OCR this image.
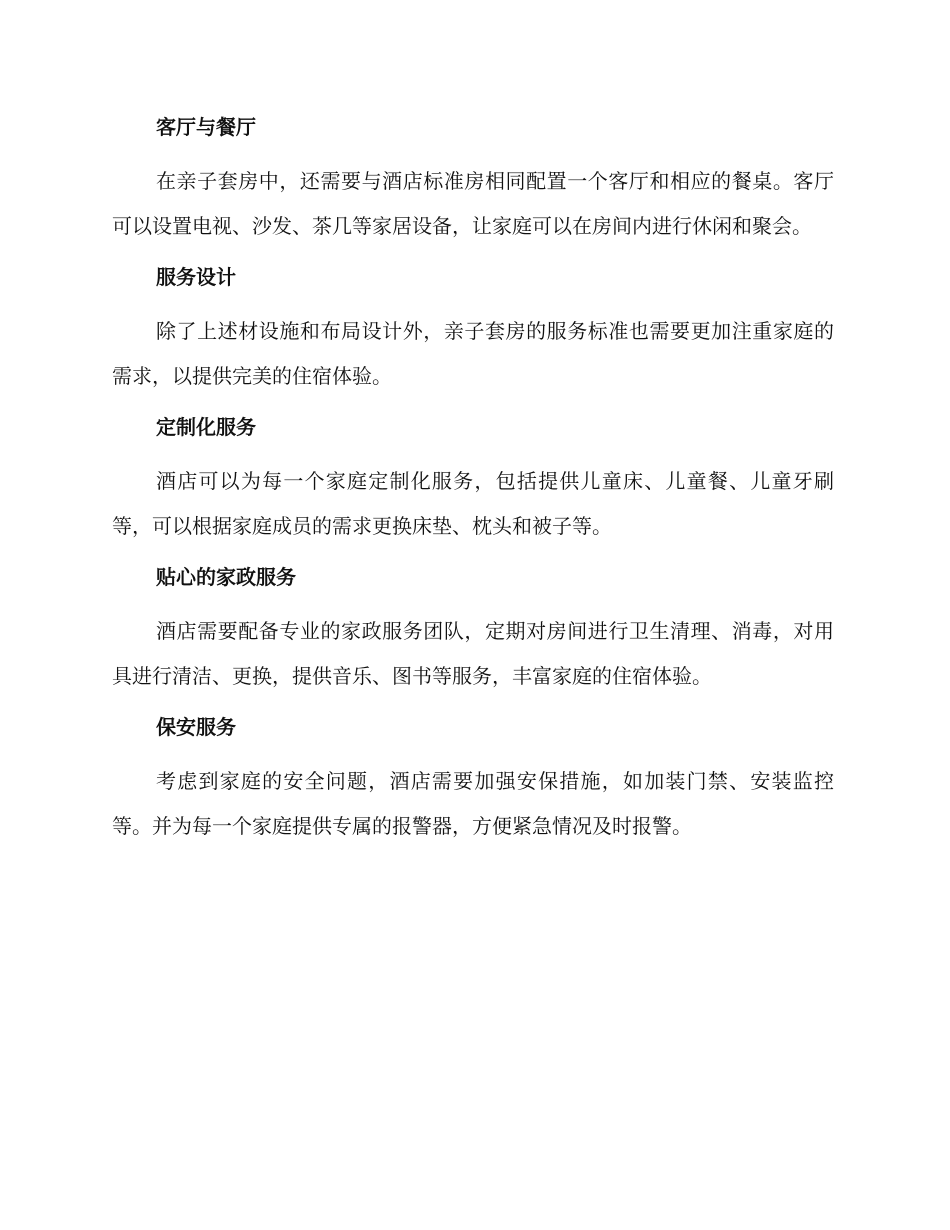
客厅与餐厅

在亲子套房中，还需要与酒店标准房相同配置一个客厅和相应的餐桌。客厅可以设置电视、沙发、茶几等家居设备，让家庭可以在房间内进行休闲和聚会。

服务设计

除了上述材设施和布局设计外，亲子套房的服务标准也需要更加注重家庭的需求，以提供完美的住宿体验。

定制化服务

酒店可以为每一个家庭定制化服务，包括提供儿童床、儿童餐、儿童牙刷等，可以根据家庭成员的需求更换床垫、枕头和被子等。

贴心的家政服务

酒店需要配备专业的家政服务团队，定期对房间进行卫生清理、消毒，对用具进行清洁、更换，提供音乐、图书等服务，丰富家庭的住宿体验。

保安服务

考虑到家庭的安全问题，酒店需要加强安保措施，如加装门禁、安装监控等。并为每一个家庭提供专属的报警器，方便紧急情况及时报警。
